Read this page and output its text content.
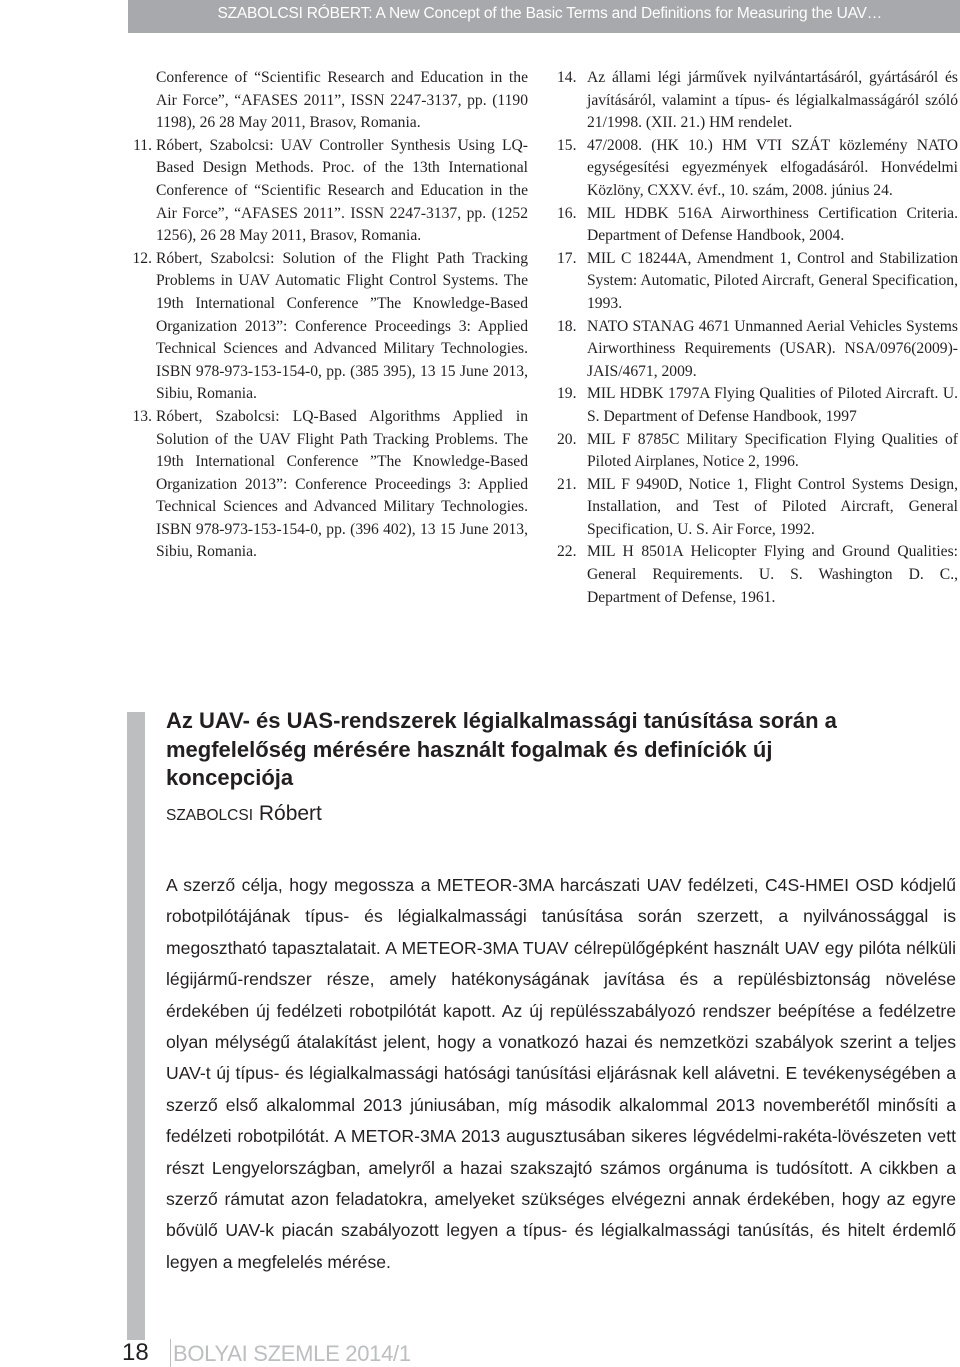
SZABOLCSI RÓBERT: A New Concept of the Basic Terms and Definitions for Measuring the UAV…
Conference of “Scientific Research and Education in the Air Force”, “AFASES 2011”, ISSN 2247-3137, pp. (1190 1198), 26 28 May 2011, Brasov, Romania.
11. Róbert, Szabolcsi: UAV Controller Synthesis Using LQ-Based Design Methods. Proc. of the 13th International Conference of “Scientific Research and Education in the Air Force”, “AFASES 2011”. ISSN 2247-3137, pp. (1252 1256), 26 28 May 2011, Brasov, Romania.
12. Róbert, Szabolcsi: Solution of the Flight Path Tracking Problems in UAV Automatic Flight Control Systems. The 19th International Conference ”The Knowledge-Based Organization 2013”: Conference Proceedings 3: Applied Technical Sciences and Advanced Military Technologies. ISBN 978-973-153-154-0, pp. (385 395), 13 15 June 2013, Sibiu, Romania.
13. Róbert, Szabolcsi: LQ-Based Algorithms Applied in Solution of the UAV Flight Path Tracking Problems. The 19th International Conference ”The Knowledge-Based Organization 2013”: Conference Proceedings 3: Applied Technical Sciences and Advanced Military Technologies. ISBN 978-973-153-154-0, pp. (396 402), 13 15 June 2013, Sibiu, Romania.
14. Az állami légi járművek nyilvántartásáról, gyártásáról és javításáról, valamint a típus- és légialkalmasságáról szóló 21/1998. (XII. 21.) HM rendelet.
15. 47/2008. (HK 10.) HM VTI SZÁT közlemény NATO egységesítési egyezmények elfogadásáról. Honvédelmi Közlöny, CXXV. évf., 10. szám, 2008. június 24.
16. MIL HDBK 516A Airworthiness Certification Criteria. Department of Defense Handbook, 2004.
17. MIL C 18244A, Amendment 1, Control and Stabilization System: Automatic, Piloted Aircraft, General Specification, 1993.
18. NATO STANAG 4671 Unmanned Aerial Vehicles Systems Airworthiness Requirements (USAR). NSA/0976(2009)-JAIS/4671, 2009.
19. MIL HDBK 1797A Flying Qualities of Piloted Aircraft. U. S. Department of Defense Handbook, 1997
20. MIL F 8785C Military Specification Flying Qualities of Piloted Airplanes, Notice 2, 1996.
21. MIL F 9490D, Notice 1, Flight Control Systems Design, Installation, and Test of Piloted Aircraft, General Specification, U. S. Air Force, 1992.
22. MIL H 8501A Helicopter Flying and Ground Qualities: General Requirements. U. S. Washington D. C., Department of Defense, 1961.
Az UAV- és UAS-rendszerek légialkalmassági tanúsítása során a megfelelőség mérésére használt fogalmak és definíciók új koncepciója
SZABOLCSI Róbert
A szerző célja, hogy megossza a METEOR-3MA harcászati UAV fedélzeti, C4S-HMEI OSD kódjelű robotpilótájának típus- és légialkalmassági tanúsítása során szerzett, a nyilvánossággal is megosztható tapasztalatait. A METEOR-3MA TUAV célrepülőgépként használt UAV egy pilóta nélküli légijármű-rendszer része, amely hatékonyságának javítása és a repülésbiztonság növelése érdekében új fedélzeti robotpilótát kapott. Az új repülésszabályozó rendszer beépítése a fedélzetre olyan mélységű átalakítást jelent, hogy a vonatkozó hazai és nemzetközi szabályok szerint a teljes UAV-t új típus- és légialkalmassági hatósági tanúsítási eljárásnak kell alávetni. E tevékenységében a szerző első alkalommal 2013 júniusában, míg második alkalommal 2013 novemberétől minősíti a fedélzeti robotpilótát. A METOR-3MA 2013 augusztusában sikeres légvédelmi-rakéta-lövészeten vett részt Lengyelországban, amelyről a hazai szakszajtó számos orgánuma is tudósított. A cikkben a szerző rámutat azon feladatokra, amelyeket szükséges elvégezni annak érdekében, hogy az egyre bővülő UAV-k piacán szabályozott legyen a típus- és légialkalmassági tanúsítás, és hitelt érdemlő legyen a megfelelés mérése.
18 BOLYAI SZEMLE 2014/1
